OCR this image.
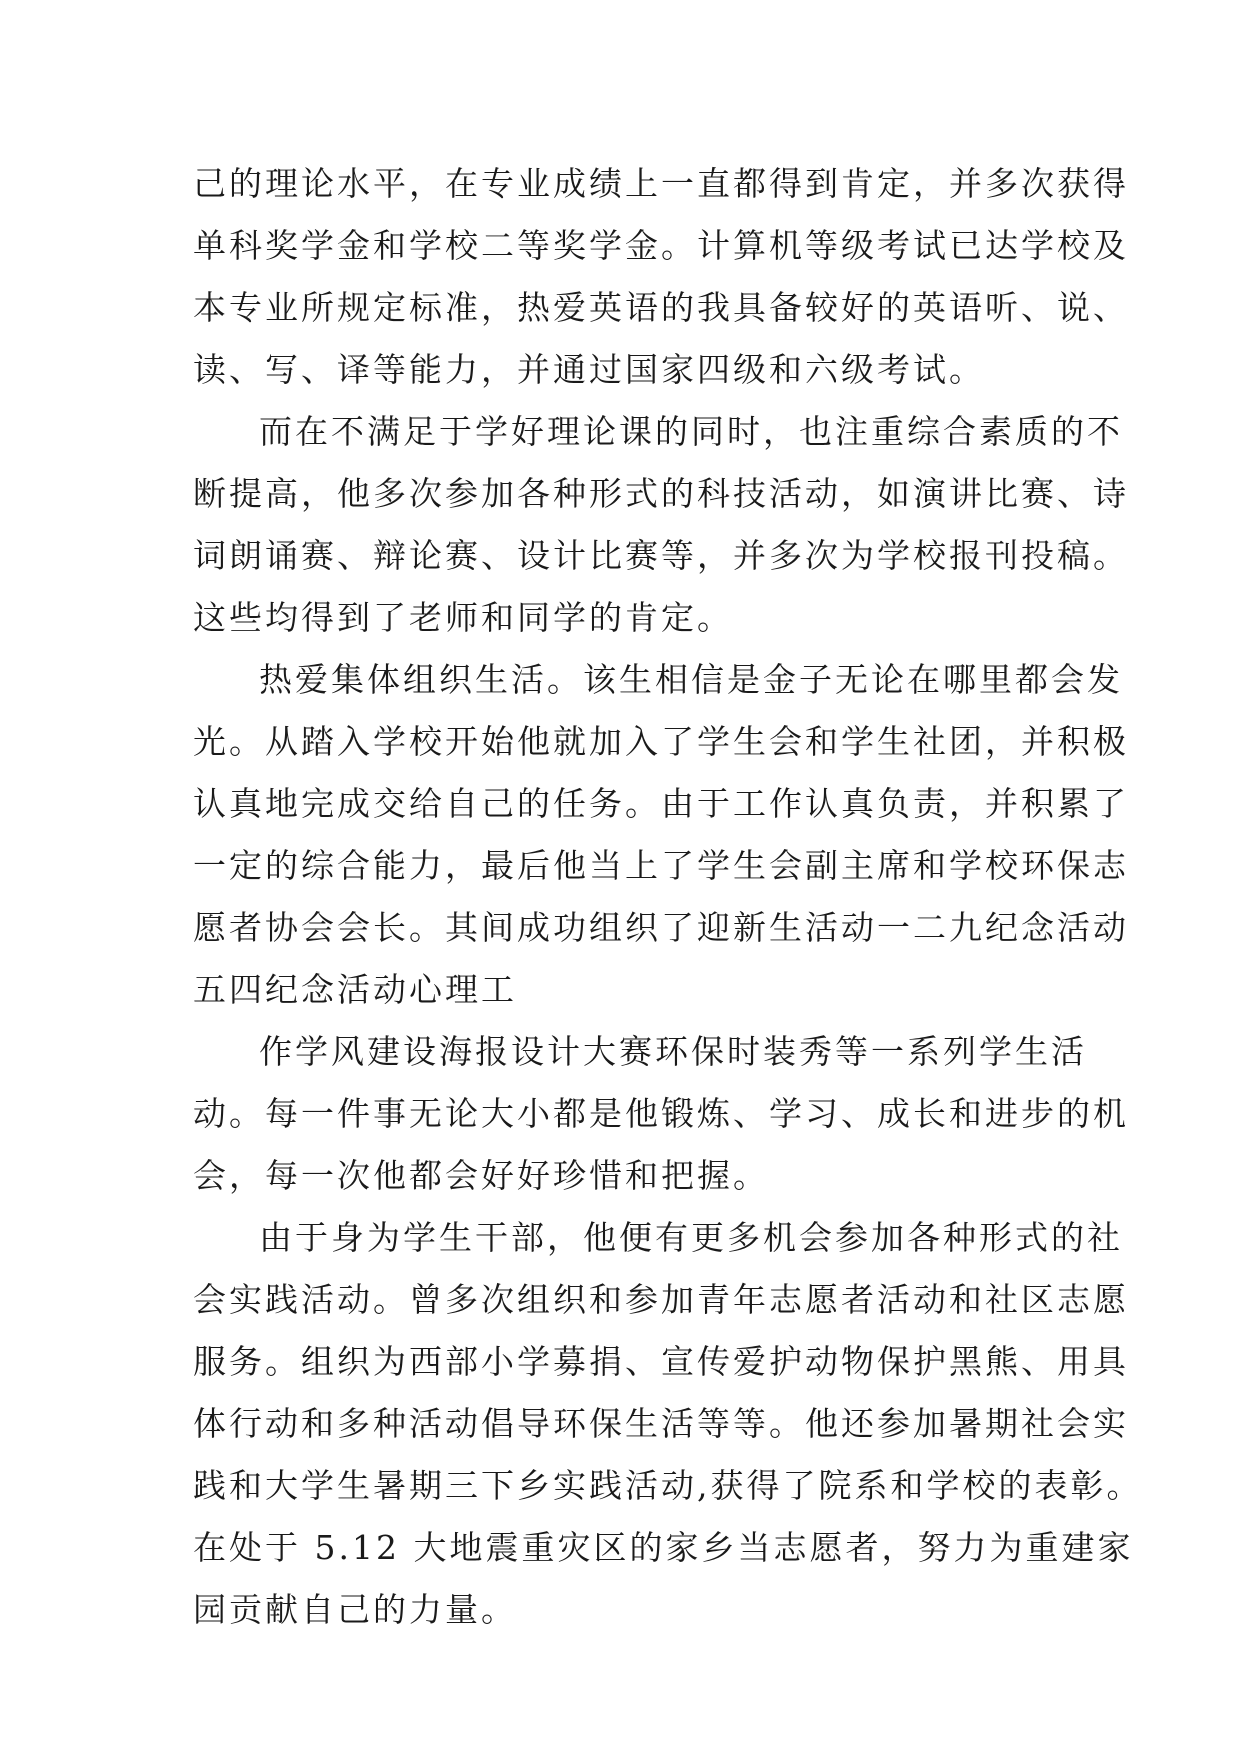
己的理论水平，在专业成绩上一直都得到肯定，并多次获得
单科奖学金和学校二等奖学金。计算机等级考试已达学校及
本专业所规定标准，热爱英语的我具备较好的英语听、说、
读、写、译等能力，并通过国家四级和六级考试。
而在不满足于学好理论课的同时，也注重综合素质的不
断提高，他多次参加各种形式的科技活动，如演讲比赛、诗
词朗诵赛、辩论赛、设计比赛等，并多次为学校报刊投稿。
这些均得到了老师和同学的肯定。
热爱集体组织生活。该生相信是金子无论在哪里都会发
光。从踏入学校开始他就加入了学生会和学生社团，并积极
认真地完成交给自己的任务。由于工作认真负责，并积累了
一定的综合能力，最后他当上了学生会副主席和学校环保志
愿者协会会长。其间成功组织了迎新生活动一二九纪念活动
五四纪念活动心理工
作学风建设海报设计大赛环保时装秀等一系列学生活
动。每一件事无论大小都是他锻炼、学习、成长和进步的机
会，每一次他都会好好珍惜和把握。
由于身为学生干部，他便有更多机会参加各种形式的社
会实践活动。曾多次组织和参加青年志愿者活动和社区志愿
服务。组织为西部小学募捐、宣传爱护动物保护黑熊、用具
体行动和多种活动倡导环保生活等等。他还参加暑期社会实
践和大学生暑期三下乡实践活动,获得了院系和学校的表彰。
在处于 5.12 大地震重灾区的家乡当志愿者，努力为重建家
园贡献自己的力量。
